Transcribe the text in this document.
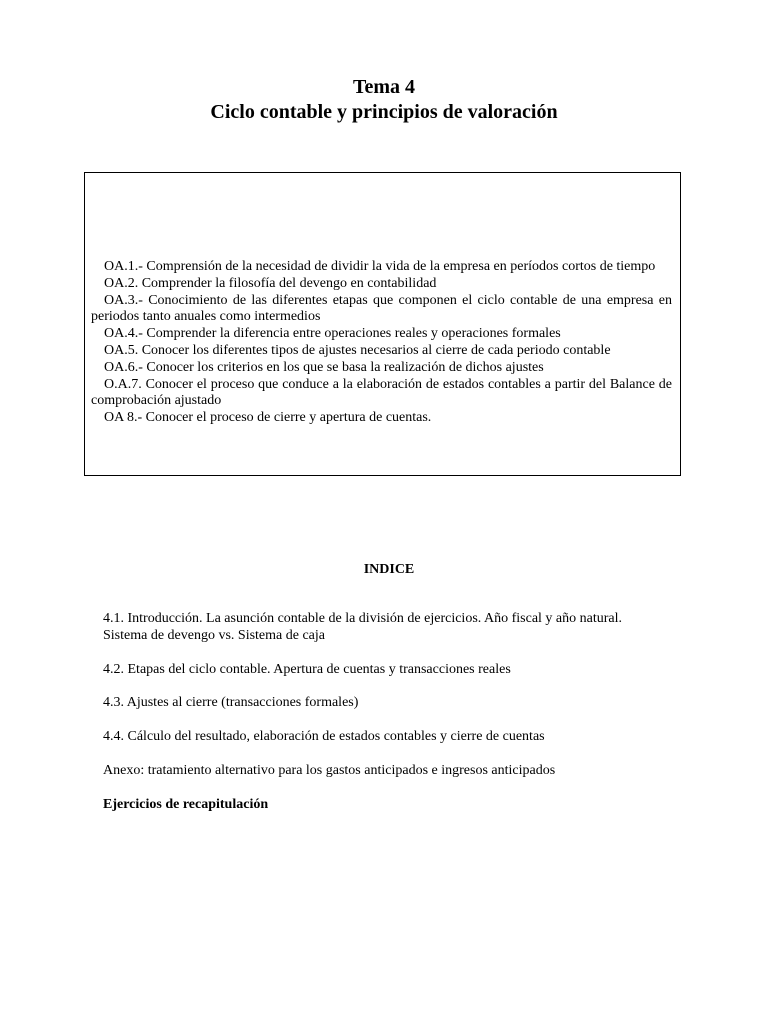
Tema 4
Ciclo contable y principios de valoración
OA.1.- Comprensión de la necesidad de dividir la vida de la empresa en períodos cortos de tiempo
OA.2. Comprender la filosofía del devengo en contabilidad
OA.3.- Conocimiento de las diferentes etapas que componen el ciclo contable de una empresa en periodos tanto anuales como intermedios
OA.4.- Comprender la diferencia entre operaciones reales y operaciones formales
OA.5. Conocer los diferentes tipos de ajustes necesarios al cierre de cada periodo contable
OA.6.- Conocer los criterios en los que se basa la realización de dichos ajustes
O.A.7. Conocer el proceso que conduce a la elaboración de estados contables a partir del Balance de comprobación ajustado
OA 8.- Conocer el proceso de cierre y apertura de cuentas.
INDICE
4.1. Introducción. La asunción contable de la división de ejercicios. Año fiscal y año natural.
Sistema de devengo vs. Sistema de caja
4.2. Etapas del ciclo contable. Apertura de cuentas y transacciones reales
4.3. Ajustes al cierre (transacciones formales)
4.4. Cálculo del resultado, elaboración de estados contables y cierre de cuentas
Anexo: tratamiento alternativo para los gastos anticipados e ingresos anticipados
Ejercicios de recapitulación
